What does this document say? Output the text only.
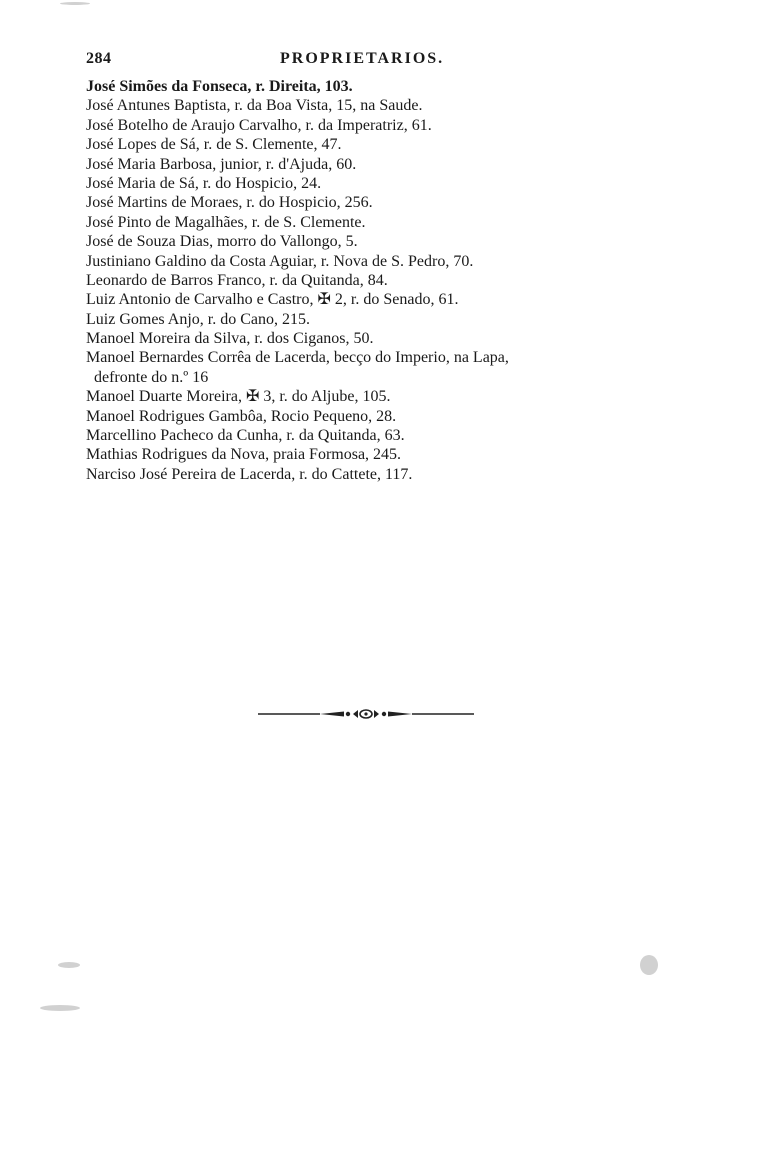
284	PROPRIETARIOS.
José Simões da Fonseca, r. Direita, 103.
José Antunes Baptista, r. da Boa Vista, 15, na Saude.
José Botelho de Araujo Carvalho, r. da Imperatriz, 61.
José Lopes de Sá, r. de S. Clemente, 47.
José Maria Barbosa, junior, r. d'Ajuda, 60.
José Maria de Sá, r. do Hospicio, 24.
José Martins de Moraes, r. do Hospicio, 256.
José Pinto de Magalhães, r. de S. Clemente.
José de Souza Dias, morro do Vallongo, 5.
Justiniano Galdino da Costa Aguiar, r. Nova de S. Pedro, 70.
Leonardo de Barros Franco, r. da Quitanda, 84.
Luiz Antonio de Carvalho e Castro, ✠ 2, r. do Senado, 61.
Luiz Gomes Anjo, r. do Cano, 215.
Manoel Moreira da Silva, r. dos Ciganos, 50.
Manoel Bernardes Corrêa de Lacerda, becço do Imperio, na Lapa,
defronte do n.º 16
Manoel Duarte Moreira, ✠ 3, r. do Aljube, 105.
Manoel Rodrigues Gambôa, Rocio Pequeno, 28.
Marcellino Pacheco da Cunha, r. da Quitanda, 63.
Mathias Rodrigues da Nova, praia Formosa, 245.
Narciso José Pereira de Lacerda, r. do Cattete, 117.
